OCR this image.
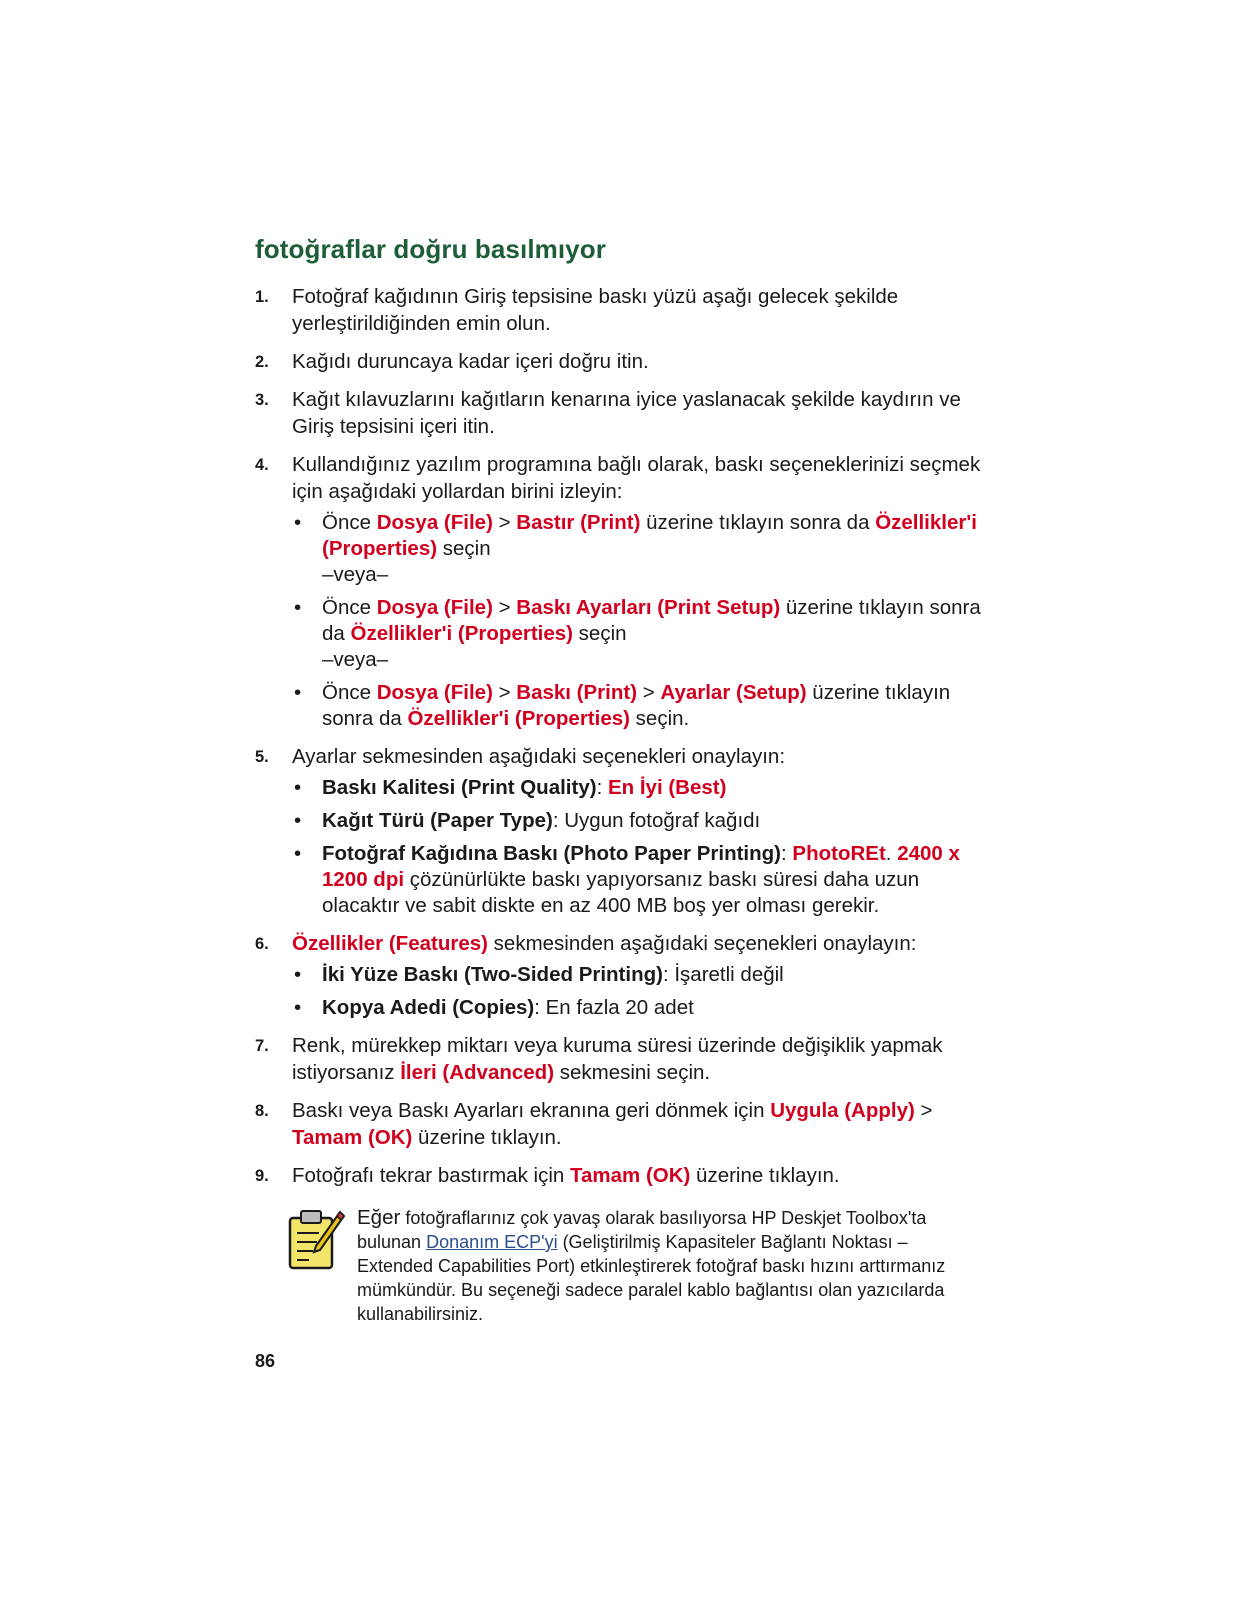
fotoğraflar doğru basılmıyor
1. Fotoğraf kağıdının Giriş tepsisine baskı yüzü aşağı gelecek şekilde yerleştirildiğinden emin olun.
2. Kağıdı duruncaya kadar içeri doğru itin.
3. Kağıt kılavuzlarını kağıtların kenarına iyice yaslanacak şekilde kaydırın ve Giriş tepsisini içeri itin.
4. Kullandığınız yazılım programına bağlı olarak, baskı seçeneklerinizi seçmek için aşağıdaki yollardan birini izleyin:
• Önce Dosya (File) > Bastır (Print) üzerine tıklayın sonra da Özellikler'i (Properties) seçin
–veya–
• Önce Dosya (File) > Baskı Ayarları (Print Setup) üzerine tıklayın sonra da Özellikler'i (Properties) seçin
–veya–
• Önce Dosya (File) > Baskı (Print) > Ayarlar (Setup) üzerine tıklayın sonra da Özellikler'i (Properties) seçin.
5. Ayarlar sekmesinden aşağıdaki seçenekleri onaylayın:
• Baskı Kalitesi (Print Quality): En İyi (Best)
• Kağıt Türü (Paper Type): Uygun fotoğraf kağıdı
• Fotoğraf Kağıdına Baskı (Photo Paper Printing): PhotoREt. 2400 x 1200 dpi çözünürlükte baskı yapıyorsanız baskı süresi daha uzun olacaktır ve sabit diskte en az 400 MB boş yer olması gerekir.
6. Özellikler (Features) sekmesinden aşağıdaki seçenekleri onaylayın:
• İki Yüze Baskı (Two-Sided Printing): İşaretli değil
• Kopya Adedi (Copies): En fazla 20 adet
7. Renk, mürekkep miktarı veya kuruma süresi üzerinde değişiklik yapmak istiyorsanız İleri (Advanced) sekmesini seçin.
8. Baskı veya Baskı Ayarları ekranına geri dönmek için Uygula (Apply) > Tamam (OK) üzerine tıklayın.
9. Fotoğrafı tekrar bastırmak için Tamam (OK) üzerine tıklayın.
Eğer fotoğraflarınız çok yavaş olarak basılıyorsa HP Deskjet Toolbox'ta bulunan Donanım ECP'yi (Geliştirilmiş Kapasiteler Bağlantı Noktası – Extended Capabilities Port) etkinleştirerek fotoğraf baskı hızını arttırmanız mümkündür. Bu seçeneği sadece paralel kablo bağlantısı olan yazıcılarda kullanabilirsiniz.
86
